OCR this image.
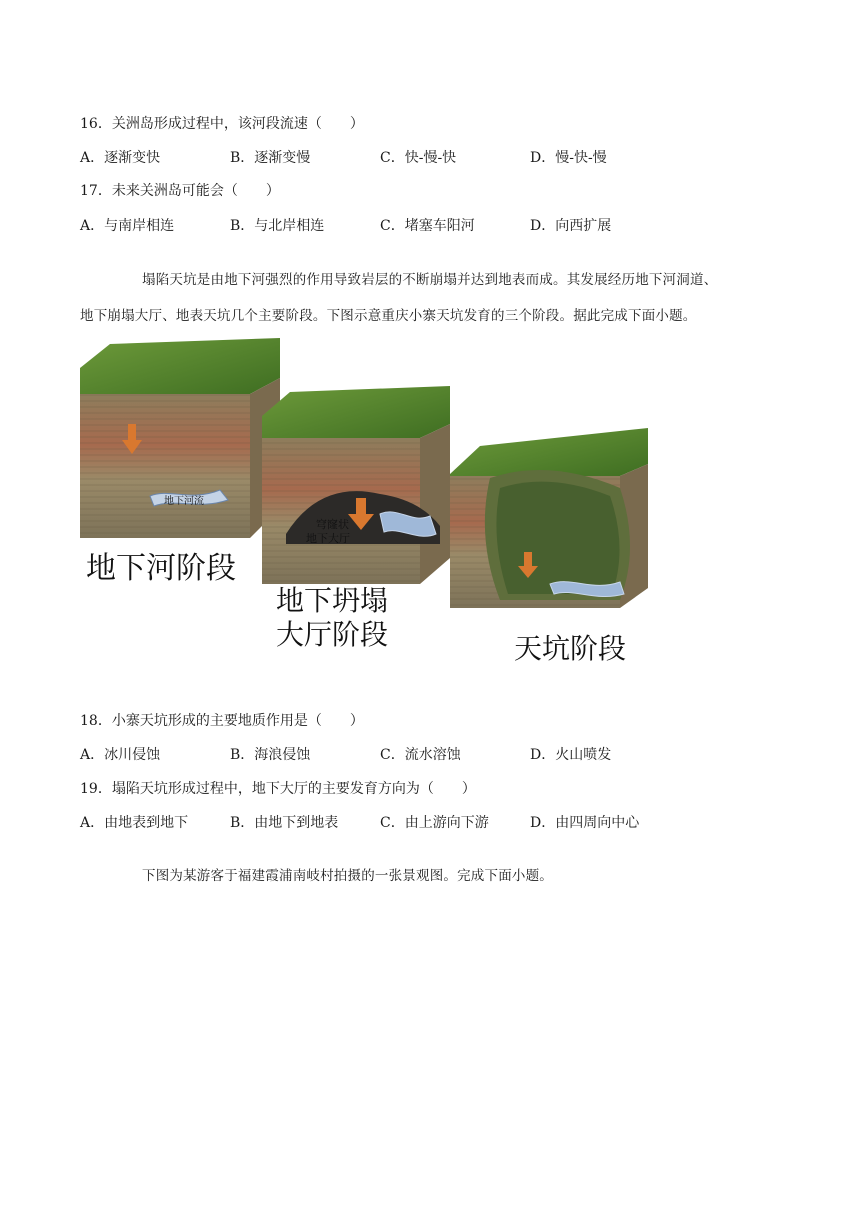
16．关洲岛形成过程中，该河段流速（　　）
A．逐渐变快	B．逐渐变慢	C．快-慢-快	D．慢-快-慢
17．未来关洲岛可能会（　　）
A．与南岸相连	B．与北岸相连	C．堵塞车阳河	D．向西扩展
塌陷天坑是由地下河强烈的作用导致岩层的不断崩塌并达到地表而成。其发展经历地下河洞道、
地下崩塌大厅、地表天坑几个主要阶段。下图示意重庆小寨天坑发育的三个阶段。据此完成下面小题。
地下河流
地下河阶段
穹窿状
地下大厅
地下坍塌
大厅阶段	天坑阶段
18．小寨天坑形成的主要地质作用是（　　）
A．冰川侵蚀	B．海浪侵蚀	C．流水溶蚀	D．火山喷发
19．塌陷天坑形成过程中，地下大厅的主要发育方向为（　　）
A．由地表到地下	B．由地下到地表	C．由上游向下游	D．由四周向中心
下图为某游客于福建霞浦南岐村拍摄的一张景观图。完成下面小题。
